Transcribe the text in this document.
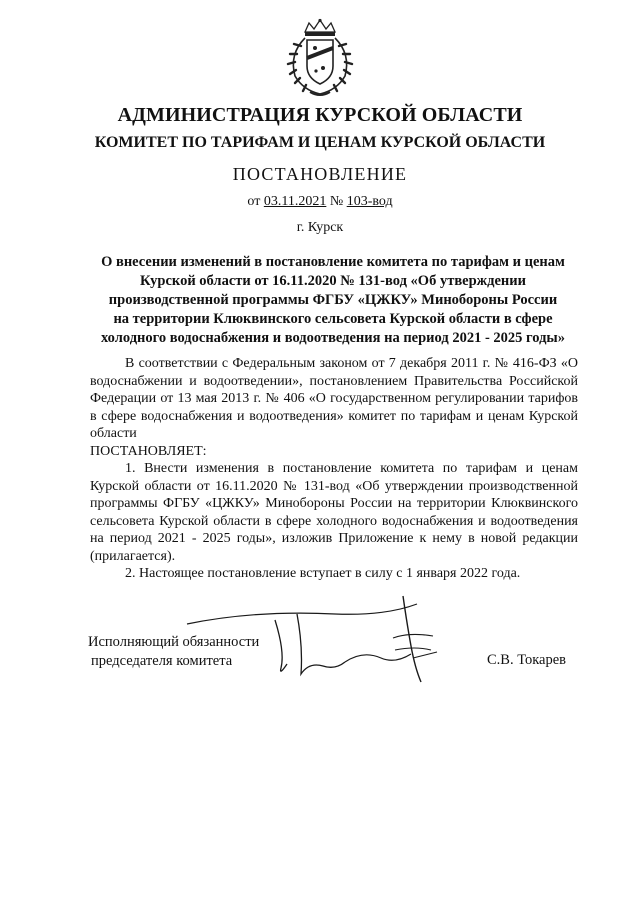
АДМИНИСТРАЦИЯ КУРСКОЙ ОБЛАСТИ
КОМИТЕТ ПО ТАРИФАМ И ЦЕНАМ КУРСКОЙ ОБЛАСТИ
ПОСТАНОВЛЕНИЕ
от 03.11.2021 № 103-вод
г. Курск
О внесении изменений в постановление комитета по тарифам и ценам
Курской области от 16.11.2020 № 131-вод «Об утверждении
производственной программы ФГБУ «ЦЖКУ» Минобороны России
на территории Клюквинского сельсовета Курской области в сфере
холодного водоснабжения и водоотведения на период 2021 - 2025 годы»

В соответствии с Федеральным законом от 7 декабря 2011 г. № 416-ФЗ «О водоснабжении и водоотведении», постановлением Правительства Российской Федерации от 13 мая 2013 г. № 406 «О государственном регулировании тарифов в сфере водоснабжения и водоотведения» комитет по тарифам и ценам Курской области

ПОСТАНОВЛЯЕТ:

1. Внести изменения в постановление комитета по тарифам и ценам Курской области от 16.11.2020 № 131-вод «Об утверждении производственной программы ФГБУ «ЦЖКУ» Минобороны России на территории Клюквинского сельсовета Курской области в сфере холодного водоснабжения и водоотведения на период 2021 - 2025 годы», изложив Приложение к нему в новой редакции (прилагается).

2. Настоящее постановление вступает в силу с 1 января 2022 года.

Исполняющий обязанности
председателя комитета	С.В. Токарев
